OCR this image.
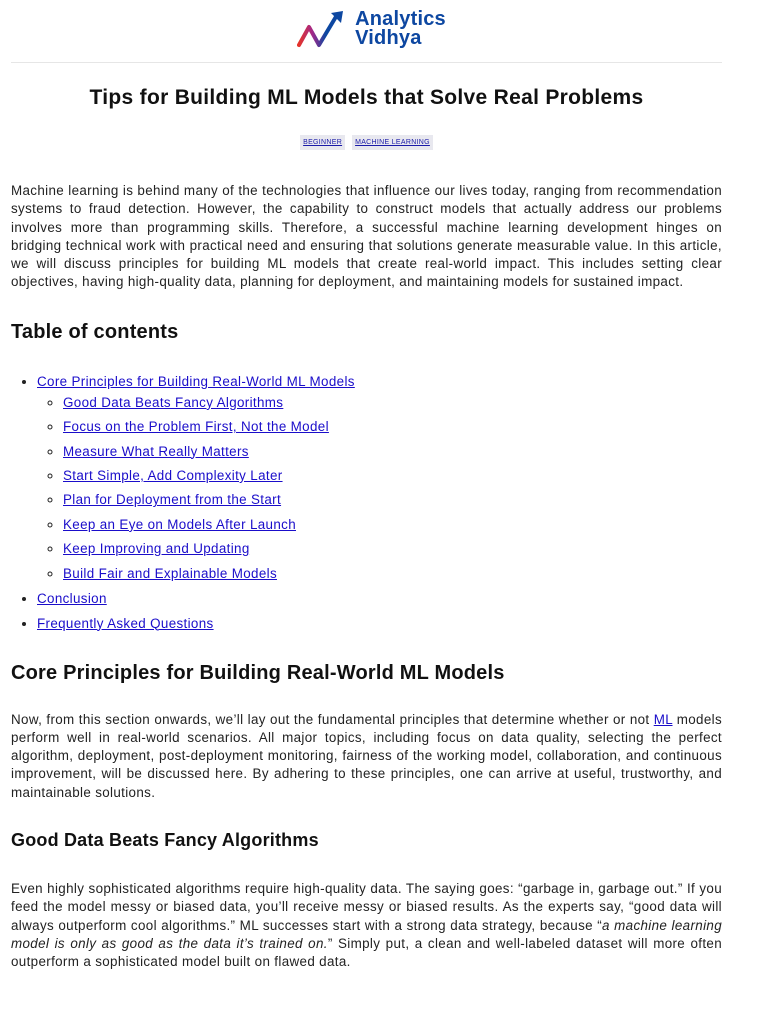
Analytics
Vidhya
Tips for Building ML Models that Solve Real Problems
BEGINNER	MACHINE LEARNING

Machine learning is behind many of the technologies that influence our lives today, ranging from recommendation systems to fraud detection. However, the capability to construct models that actually address our problems involves more than programming skills. Therefore, a successful machine learning development hinges on bridging technical work with practical need and ensuring that solutions generate measurable value. In this article, we will discuss principles for building ML models that create real-world impact. This includes setting clear objectives, having high-quality data, planning for deployment, and maintaining models for sustained impact.

Table of contents
• Core Principles for Building Real-World ML Models
◦ Good Data Beats Fancy Algorithms
◦ Focus on the Problem First, Not the Model
◦ Measure What Really Matters
◦ Start Simple, Add Complexity Later
◦ Plan for Deployment from the Start
◦ Keep an Eye on Models After Launch
◦ Keep Improving and Updating
◦ Build Fair and Explainable Models
• Conclusion
• Frequently Asked Questions
Core Principles for Building Real-World ML Models

Now, from this section onwards, we’ll lay out the fundamental principles that determine whether or not ML models perform well in real-world scenarios. All major topics, including focus on data quality, selecting the perfect algorithm, deployment, post-deployment monitoring, fairness of the working model, collaboration, and continuous improvement, will be discussed here. By adhering to these principles, one can arrive at useful, trustworthy, and maintainable solutions.

Good Data Beats Fancy Algorithms

Even highly sophisticated algorithms require high-quality data. The saying goes: “garbage in, garbage out.” If you feed the model messy or biased data, you’ll receive messy or biased results. As the experts say, “good data will always outperform cool algorithms.” ML successes start with a strong data strategy, because “a machine learning model is only as good as the data it’s trained on.” Simply put, a clean and well-labeled dataset will more often outperform a sophisticated model built on flawed data.
